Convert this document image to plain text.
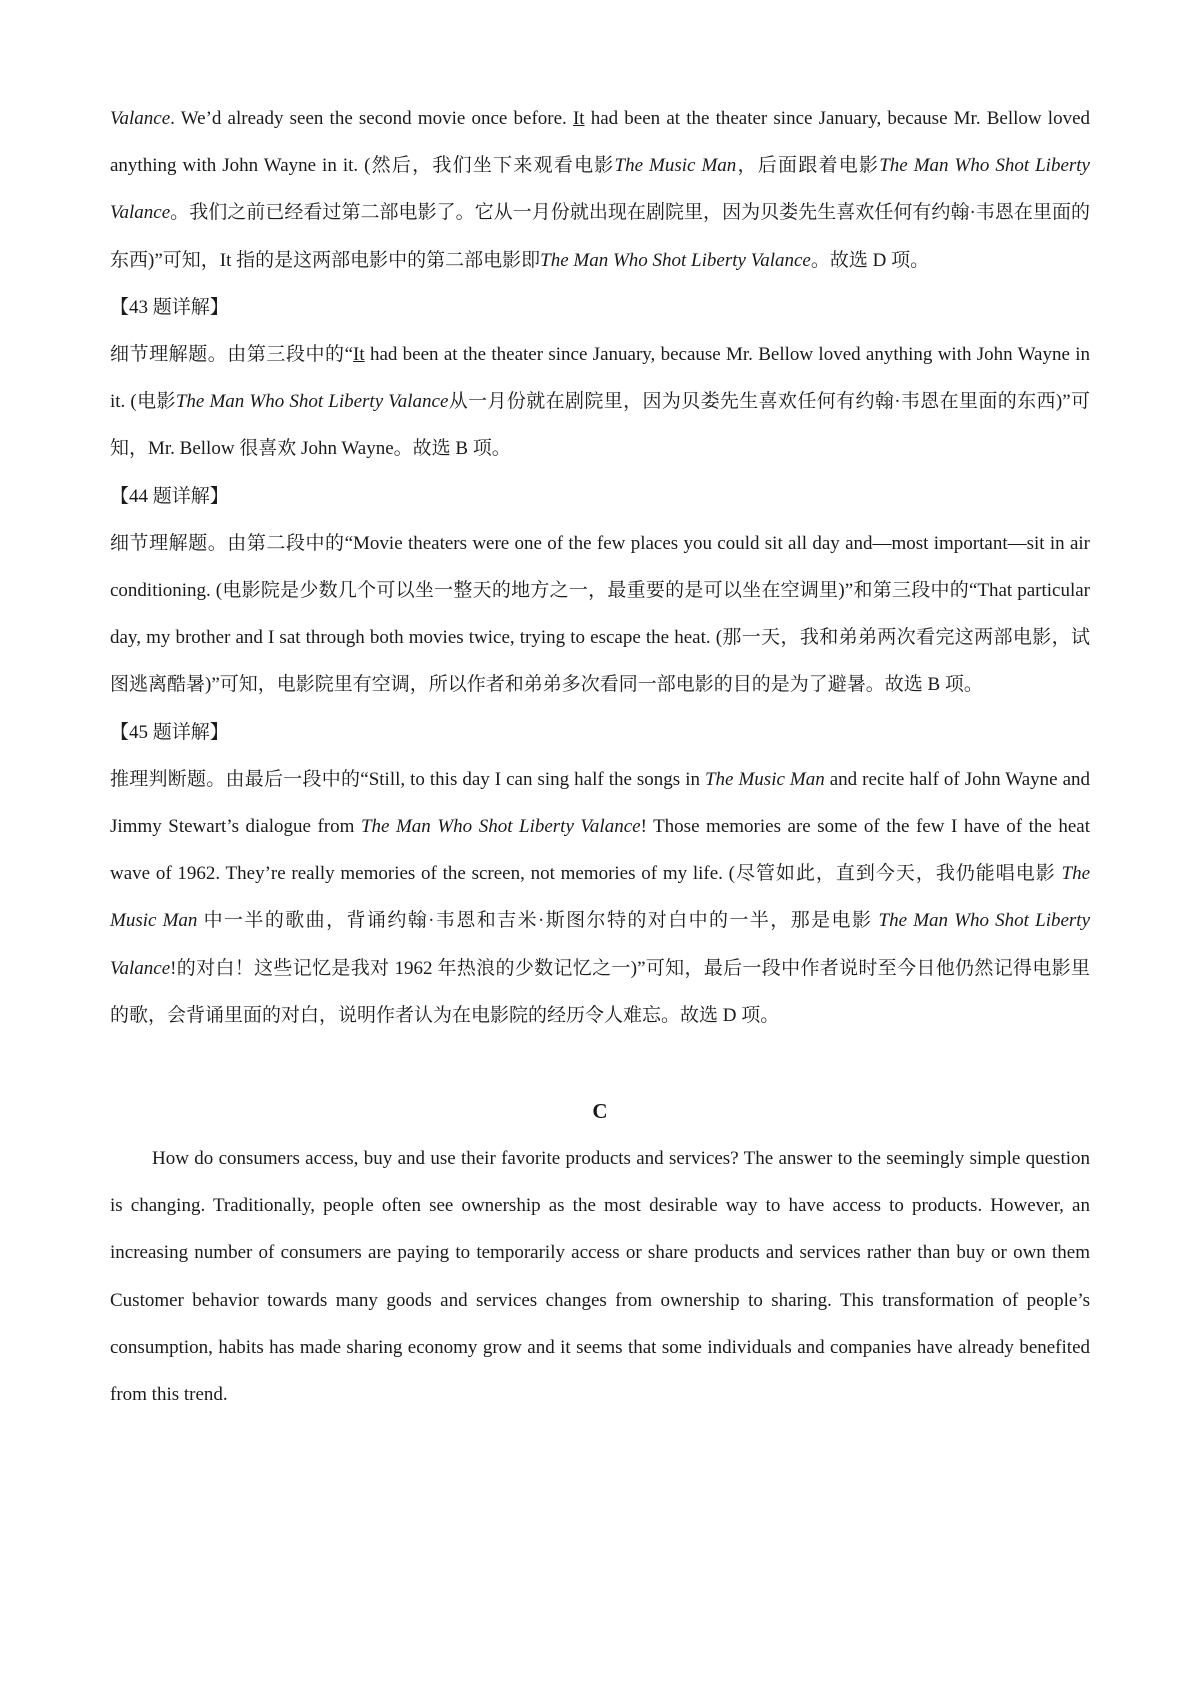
Valance. We’d already seen the second movie once before. It had been at the theater since January, because Mr. Bellow loved anything with John Wayne in it. (然后，我们坐下来观看电影The Music Man，后面跟着电影The Man Who Shot Liberty Valance。我们之前已经看过第二部电影了。它从一月份就出现在剧院里，因为贝娄先生喜欢任何有约翰·韦恩在里面的东西)”可知，It 指的是这两部电影中的第二部电影即The Man Who Shot Liberty Valance。故选 D 项。

【43 题详解】

细节理解题。由第三段中的“It had been at the theater since January, because Mr. Bellow loved anything with John Wayne in it. (电影The Man Who Shot Liberty Valance从一月份就在剧院里，因为贝娄先生喜欢任何有约翰·韦恩在里面的东西)”可知，Mr. Bellow 很喜欢 John Wayne。故选 B 项。

【44 题详解】

细节理解题。由第二段中的“Movie theaters were one of the few places you could sit all day and—most important—sit in air conditioning. (电影院是少数几个可以坐一整天的地方之一，最重要的是可以坐在空调里)”和第三段中的“That particular day, my brother and I sat through both movies twice, trying to escape the heat. (那一天，我和弟弟两次看完这两部电影，试图逃离酷暑)”可知，电影院里有空调，所以作者和弟弟多次看同一部电影的目的是为了避暑。故选 B 项。

【45 题详解】

推理判断题。由最后一段中的“Still, to this day I can sing half the songs in The Music Man and recite half of John Wayne and Jimmy Stewart’s dialogue from The Man Who Shot Liberty Valance! Those memories are some of the few I have of the heat wave of 1962. They’re really memories of the screen, not memories of my life. (尽管如此，直到今天，我仍能唱电影 The Music Man 中一半的歌曲，背诵约翰·韦恩和吉米·斯图尔特的对白中的一半，那是电影 The Man Who Shot Liberty Valance!的对白！这些记忆是我对 1962 年热浪的少数记忆之一)”可知，最后一段中作者说时至今日他仍然记得电影里的歌，会背诵里面的对白，说明作者认为在电影院的经历令人难忘。故选 D 项。

C

How do consumers access, buy and use their favorite products and services? The answer to the seemingly simple question is changing. Traditionally, people often see ownership as the most desirable way to have access to products. However, an increasing number of consumers are paying to temporarily access or share products and services rather than buy or own them Customer behavior towards many goods and services changes from ownership to sharing. This transformation of people’s consumption, habits has made sharing economy grow and it seems that some individuals and companies have already benefited from this trend.
